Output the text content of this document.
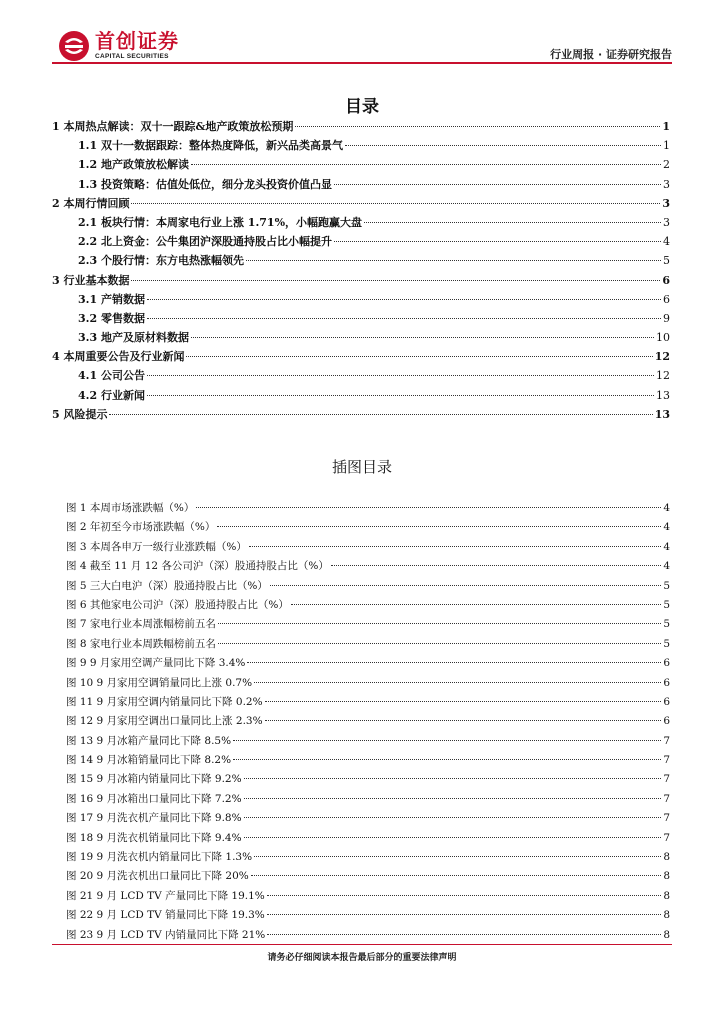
首创证券
CAPITAL SECURITIES	行业周报 · 证券研究报告
目录
1 本周热点解读：双十一跟踪&地产政策放松预期	1
1.1 双十一数据跟踪：整体热度降低，新兴品类高景气	1
1.2 地产政策放松解读	2
1.3 投资策略：估值处低位，细分龙头投资价值凸显	3
2 本周行情回顾	3
2.1 板块行情：本周家电行业上涨 1.71%，小幅跑赢大盘	3
2.2 北上资金：公牛集团沪深股通持股占比小幅提升	4
2.3 个股行情：东方电热涨幅领先	5
3 行业基本数据	6
3.1 产销数据	6
3.2 零售数据	9
3.3 地产及原材料数据	10
4 本周重要公告及行业新闻	12
4.1 公司公告	12
4.2 行业新闻	13
5 风险提示	13
插图目录
图 1 本周市场涨跌幅（%）	4
图 2 年初至今市场涨跌幅（%）	4
图 3 本周各申万一级行业涨跌幅（%）	4
图 4 截至 11 月 12 各公司沪（深）股通持股占比（%）	4
图 5 三大白电沪（深）股通持股占比（%）	5
图 6 其他家电公司沪（深）股通持股占比（%）	5
图 7 家电行业本周涨幅榜前五名	5
图 8 家电行业本周跌幅榜前五名	5
图 9 9 月家用空调产量同比下降 3.4%	6
图 10 9 月家用空调销量同比上涨 0.7%	6
图 11 9 月家用空调内销量同比下降 0.2%	6
图 12 9 月家用空调出口量同比上涨 2.3%	6
图 13 9 月冰箱产量同比下降 8.5%	7
图 14 9 月冰箱销量同比下降 8.2%	7
图 15 9 月冰箱内销量同比下降 9.2%	7
图 16 9 月冰箱出口量同比下降 7.2%	7
图 17 9 月洗衣机产量同比下降 9.8%	7
图 18 9 月洗衣机销量同比下降 9.4%	7
图 19 9 月洗衣机内销量同比下降 1.3%	8
图 20 9 月洗衣机出口量同比下降 20%	8
图 21 9 月 LCD TV 产量同比下降 19.1%	8
图 22 9 月 LCD TV 销量同比下降 19.3%	8
图 23 9 月 LCD TV 内销量同比下降 21%	8
请务必仔细阅读本报告最后部分的重要法律声明
